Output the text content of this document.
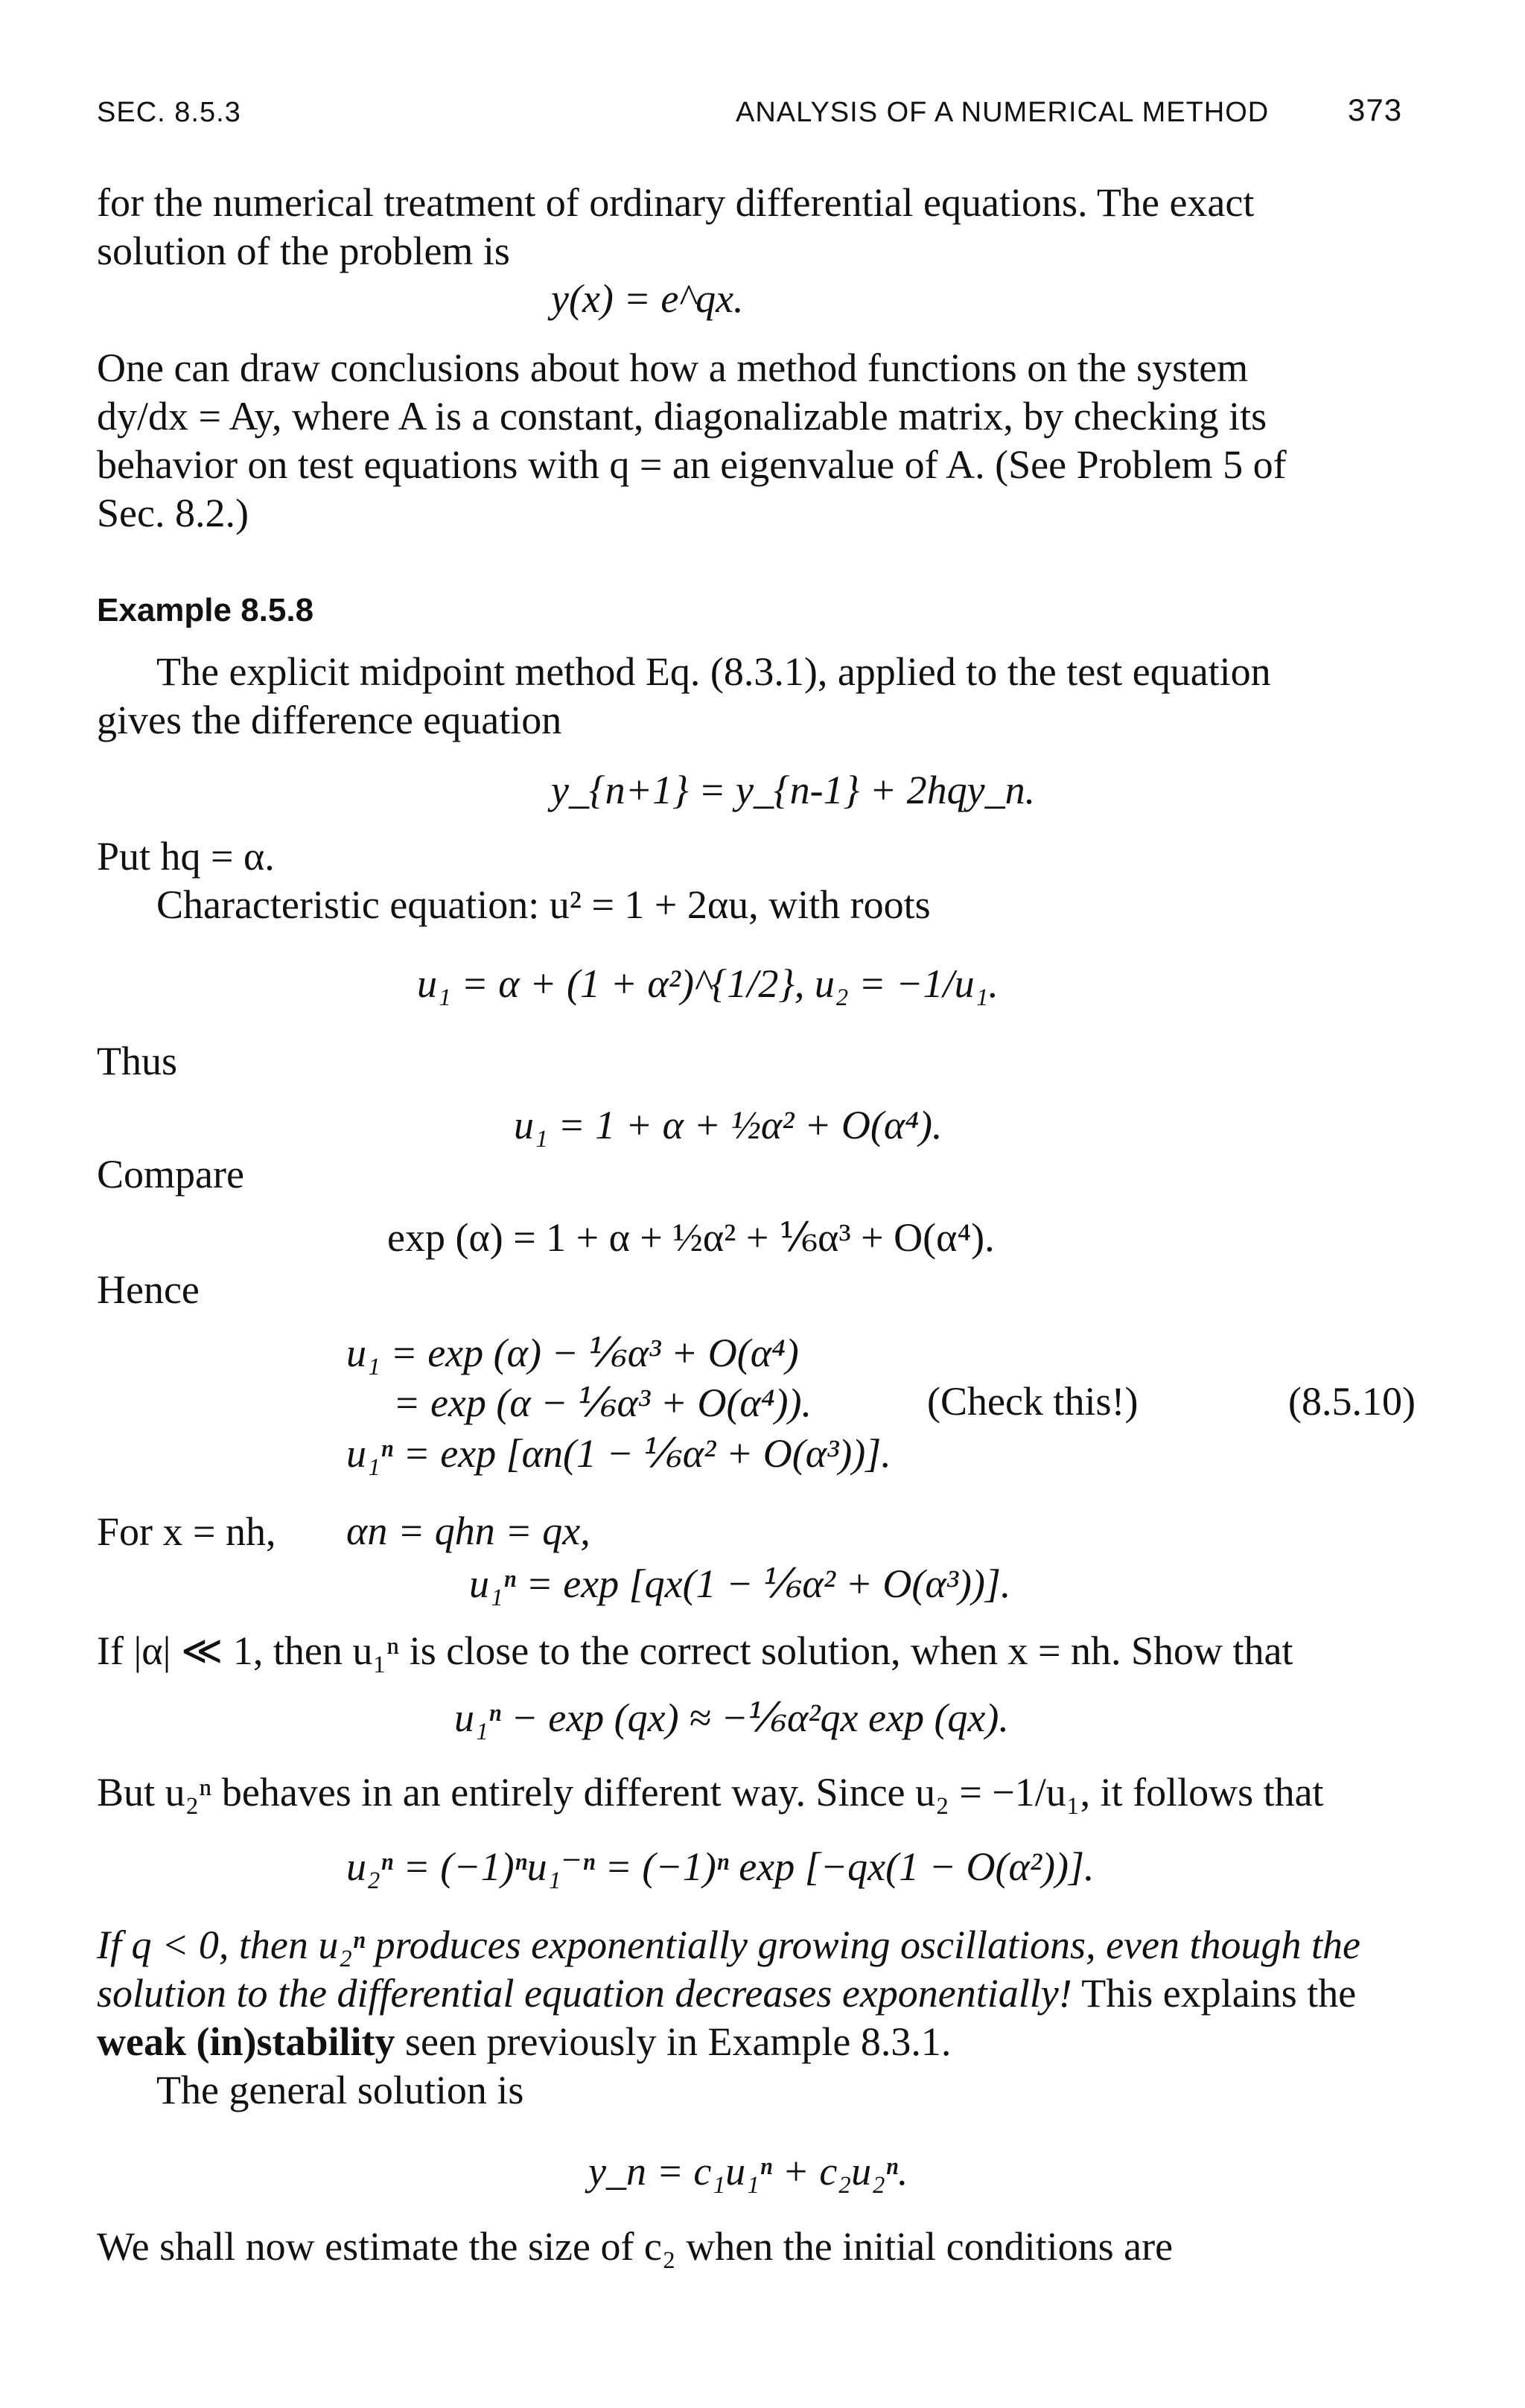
SEC. 8.5.3	ANALYSIS OF A NUMERICAL METHOD	373
for the numerical treatment of ordinary differential equations. The exact
solution of the problem is
y(x) = e^qx.
One can draw conclusions about how a method functions on the system
dy/dx = Ay, where A is a constant, diagonalizable matrix, by checking its
behavior on test equations with q = an eigenvalue of A. (See Problem 5 of
Sec. 8.2.)
Example 8.5.8
The explicit midpoint method Eq. (8.3.1), applied to the test equation
gives the difference equation
y_{n+1} = y_{n-1} + 2hqy_n.
Put hq = α.
Characteristic equation: u² = 1 + 2αu, with roots
u₁ = α + (1 + α²)^{1/2}, u₂ = −1/u₁.
Thus
u₁ = 1 + α + ½α² + O(α⁴).
Compare
exp (α) = 1 + α + ½α² + ⅙α³ + O(α⁴).
Hence
u₁ = exp (α) − ⅙α³ + O(α⁴)
= exp (α − ⅙α³ + O(α⁴)).	(Check this!)	(8.5.10)
u₁ⁿ = exp [αn(1 − ⅙α² + O(α³))].
For x = nh, αn = qhn = qx,
u₁ⁿ = exp [qx(1 − ⅙α² + O(α³))].
If |α| ≪ 1, then u₁ⁿ is close to the correct solution, when x = nh. Show that
u₁ⁿ − exp (qx) ≈ −⅙α²qx exp (qx).
But u₂ⁿ behaves in an entirely different way. Since u₂ = −1/u₁, it follows that
u₂ⁿ = (−1)ⁿu₁⁻ⁿ = (−1)ⁿ exp [−qx(1 − O(α²))].
If q < 0, then u₂ⁿ produces exponentially growing oscillations, even though the
solution to the differential equation decreases exponentially! This explains the
weak (in)stability seen previously in Example 8.3.1.
The general solution is
y_n = c₁u₁ⁿ + c₂u₂ⁿ.
We shall now estimate the size of c₂ when the initial conditions are
